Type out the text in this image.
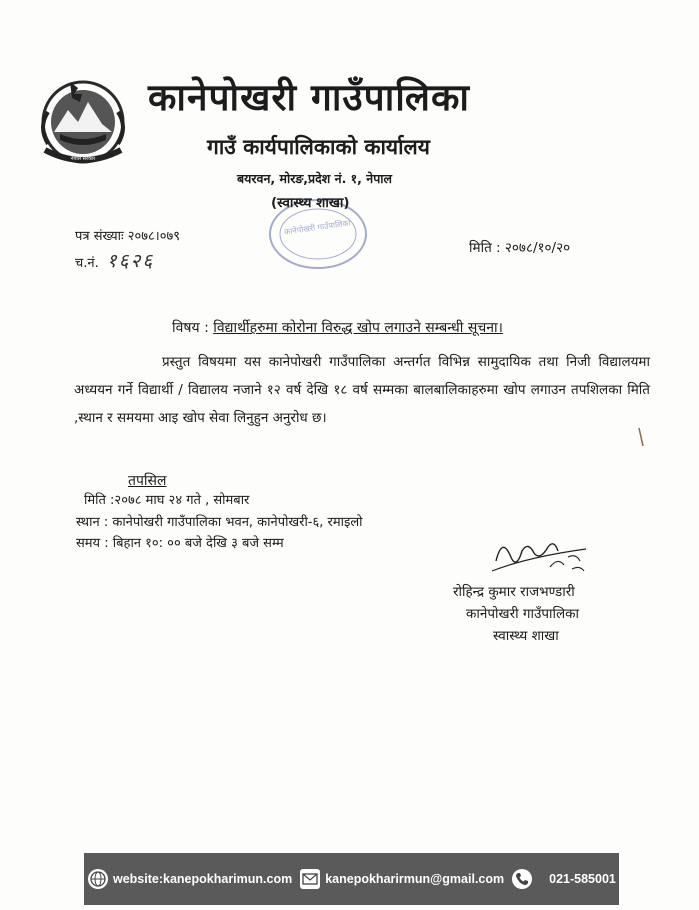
नेपाल सरकार
कानेपोखरी गाउँपालिका
गाउँ कार्यपालिकाको कार्यालय
बयरवन, मोरङ,प्रदेश नं. १, नेपाल
कानेपोखरी गाउँपालिका
(स्वास्थ्य शाखा)
पत्र संख्याः २०७८।०७९
च.नं. १६२६
मिति : २०७८/१०/२०
विषय : विद्यार्थीहरुमा कोरोना विरुद्ध खोप लगाउने सम्बन्धी सूचना।
प्रस्तुत विषयमा यस कानेपोखरी गाउँपालिका अन्तर्गत विभिन्न सामुदायिक तथा निजी विद्यालयमा अध्ययन गर्ने विद्यार्थी / विद्यालय नजाने १२ वर्ष देखि १८ वर्ष सम्मका बालबालिकाहरुमा खोप लगाउन तपशिलका मिति ,स्थान र समयमा आइ खोप सेवा लिनुहुन अनुरोध छ।
तपसिल
मिति :२०७८ माघ २४ गते , सोमबार
स्थान : कानेपोखरी गाउँपालिका भवन, कानेपोखरी-६, रमाइलो
समय : बिहान १०: ०० बजे देखि ३ बजे सम्म
रोहिन्द्र कुमार राजभण्डारी
कानेपोखरी गाउँपालिका
स्वास्थ्य शाखा
website:kanepokharimun.com	kanepokharirmun@gmail.com	021-585001
